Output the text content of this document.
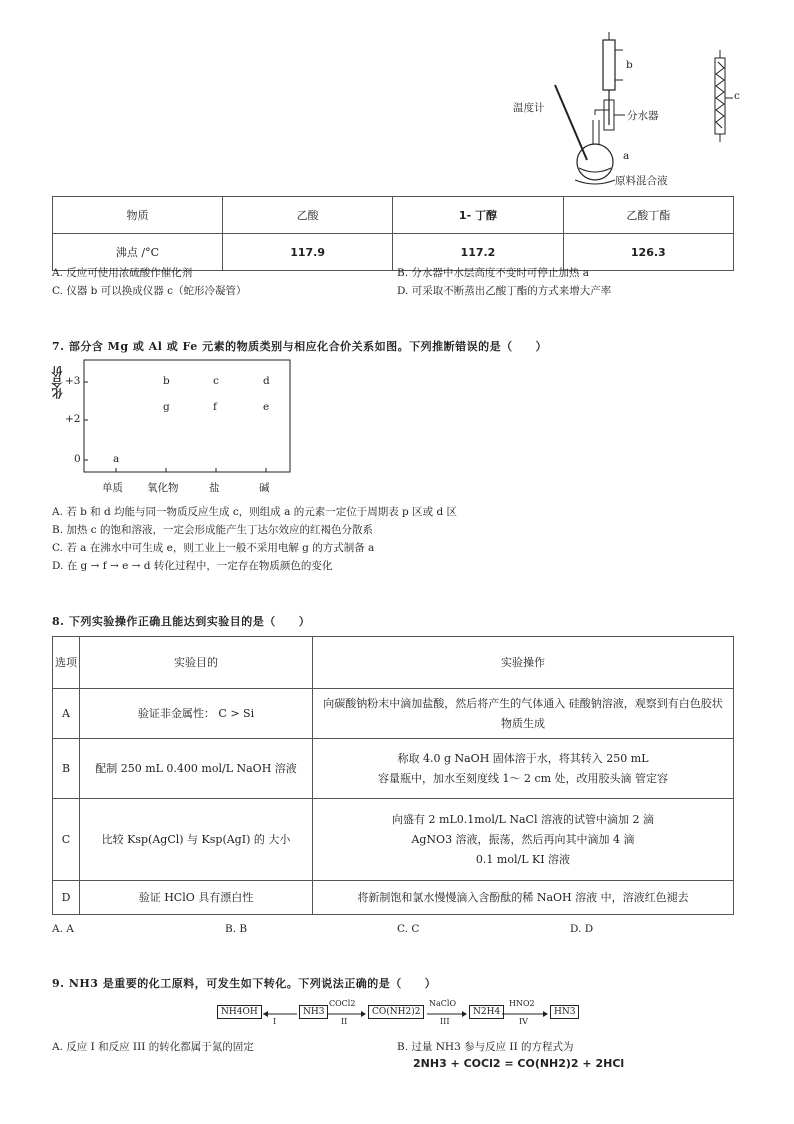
b
温度计
分水器
a
原料混合液
c
物质	乙酸	1- 丁醇	乙酸丁酯
沸点 /°C	117.9	117.2	126.3
A. 反应可使用浓硫酸作催化剂	B. 分水器中水层高度不变时可停止加热 a
C. 仪器 b 可以换成仪器 c（蛇形冷凝管）	D. 可采取不断蒸出乙酸丁酯的方式来增大产率
7. 部分含 Mg 或 Al 或 Fe 元素的物质类别与相应化合价关系如图。下列推断错误的是（　　）
化合价 +3
+2
0
单质 氧化物	盐	碱
a
b	c	d
g	f	e
A. 若 b 和 d 均能与同一物质反应生成 c，则组成 a 的元素一定位于周期表 p 区或 d 区
B. 加热 c 的饱和溶液，一定会形成能产生丁达尔效应的红褐色分散系
C. 若 a 在沸水中可生成 e，则工业上一般不采用电解 g 的方式制备 a
D. 在 g → f → e → d 转化过程中，一定存在物质颜色的变化
8. 下列实验操作正确且能达到实验目的是（　　）
选项	实验目的	实验操作
A	验证非金属性： C > Si	向碳酸钠粉末中滴加盐酸，然后将产生的气体通入 硅酸钠溶液，观察到有白色胶状物质生成
B	配制 250 mL 0.400 mol/L NaOH 溶液	称取 4.0 g NaOH 固体溶于水，将其转入 250 mL
容量瓶中，加水至刻度线 1～ 2 cm 处，改用胶头滴 管定容

C	比较 Ksp(AgCl) 与 Ksp(AgI) 的 大小	向盛有 2 mL0.1mol/L NaCl 溶液的试管中滴加 2 滴
AgNO3 溶液，振荡，然后再向其中滴加 4 滴
0.1 mol/L KI 溶液

D	验证 HClO 具有漂白性	将新制饱和氯水慢慢滴入含酚酞的稀 NaOH 溶液 中，溶液红色褪去
A. A	B. B	C. C	D. D
9. NH3 是重要的化工原料，可发生如下转化。下列说法正确的是（　　）
NH4OH	NH3	CO(NH2)2	N2H4	HN3
I
COCl2
II
NaClO
III
HNO2
IV
A. 反应 I 和反应 III 的转化都属于氮的固定	B. 过量 NH3 参与反应 II 的方程式为
2NH3 + COCl2 = CO(NH2)2 + 2HCl
